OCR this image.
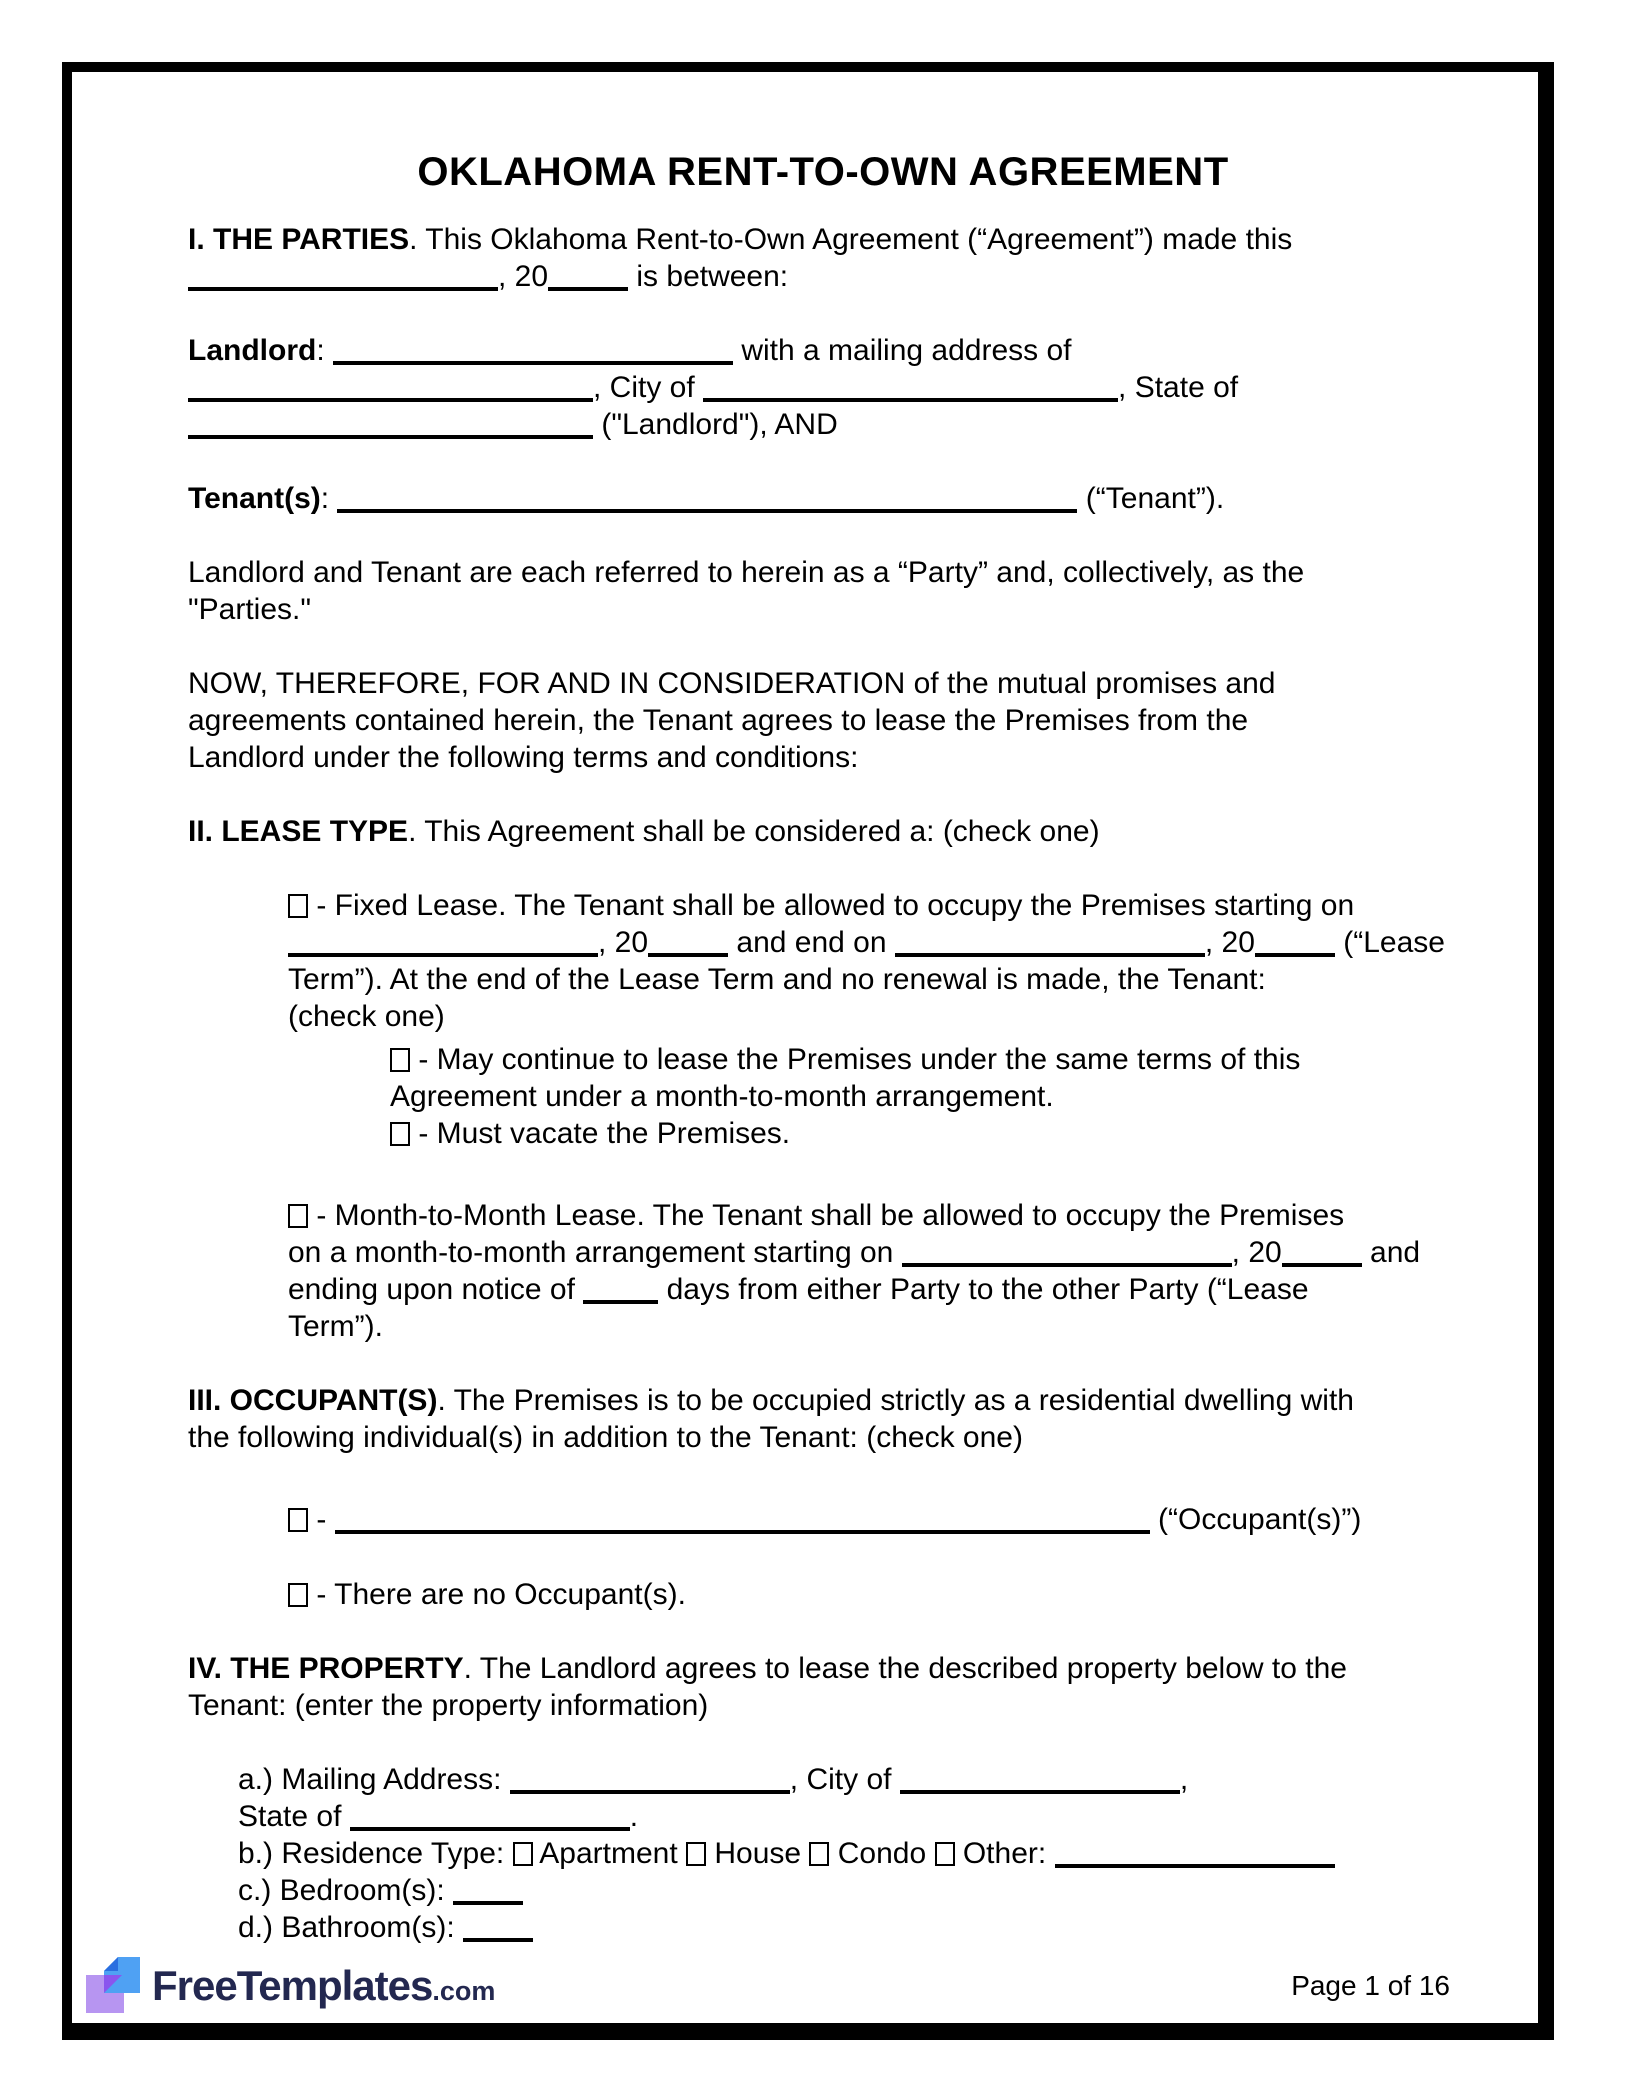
OKLAHOMA RENT-TO-OWN AGREEMENT
I. THE PARTIES. This Oklahoma Rent-to-Own Agreement (“Agreement”) made this
, 20	is between:
Landlord:	with a mailing address of
, City of	, State of
("Landlord"), AND
Tenant(s):	(“Tenant”).
Landlord and Tenant are each referred to herein as a “Party” and, collectively, as the
"Parties."
NOW, THEREFORE, FOR AND IN CONSIDERATION of the mutual promises and
agreements contained herein, the Tenant agrees to lease the Premises from the
Landlord under the following terms and conditions:
II. LEASE TYPE. This Agreement shall be considered a: (check one)
- Fixed Lease. The Tenant shall be allowed to occupy the Premises starting on
, 20	and end on	, 20	(“Lease
Term”). At the end of the Lease Term and no renewal is made, the Tenant:
(check one)
- May continue to lease the Premises under the same terms of this
Agreement under a month-to-month arrangement.
- Must vacate the Premises.
- Month-to-Month Lease. The Tenant shall be allowed to occupy the Premises
on a month-to-month arrangement starting on	, 20	and
ending upon notice of	days from either Party to the other Party (“Lease
Term”).
III. OCCUPANT(S). The Premises is to be occupied strictly as a residential dwelling with
the following individual(s) in addition to the Tenant: (check one)
-	(“Occupant(s)”)
- There are no Occupant(s).
IV. THE PROPERTY. The Landlord agrees to lease the described property below to the
Tenant: (enter the property information)
a.) Mailing Address:	, City of	,
State of	.
b.) Residence Type:  Apartment  House  Condo  Other:
c.) Bedroom(s):
d.) Bathroom(s):
FreeTemplates.com	Page 1 of 16
